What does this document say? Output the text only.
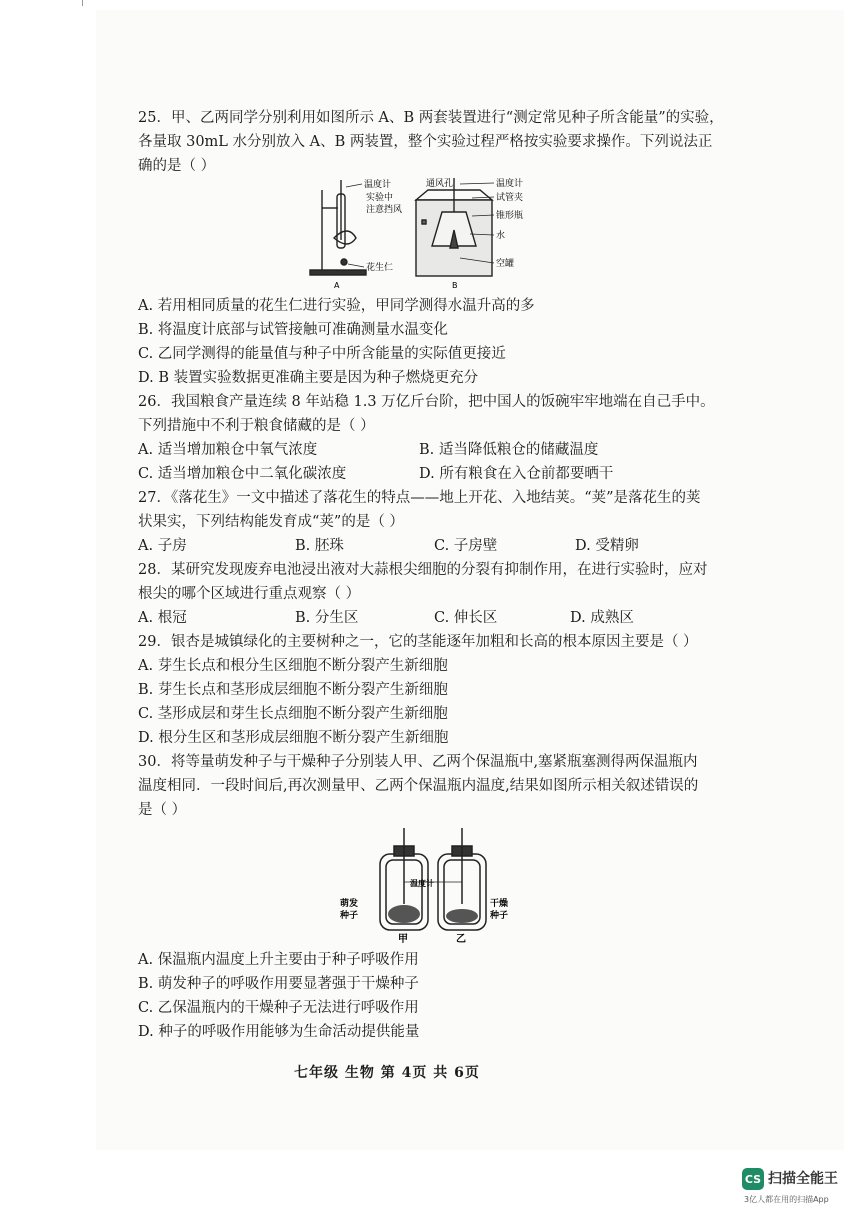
25．甲、乙两同学分别利用如图所示 A、B 两套装置进行“测定常见种子所含能量”的实验，
各量取 30mL 水分别放入 A、B 两装置，整个实验过程严格按实验要求操作。下列说法正
确的是（ ）
温度计
实验中
注意挡风
花生仁
A
通风孔	温度计
试管夹
锥形瓶
水
空罐
B
A. 若用相同质量的花生仁进行实验，甲同学测得水温升高的多
B. 将温度计底部与试管接触可准确测量水温变化
C. 乙同学测得的能量值与种子中所含能量的实际值更接近
D. B 装置实验数据更准确主要是因为种子燃烧更充分
26．我国粮食产量连续 8 年站稳 1.3 万亿斤台阶，把中国人的饭碗牢牢地端在自己手中。
下列措施中不利于粮食储藏的是（ ）
A. 适当增加粮仓中氧气浓度	B. 适当降低粮仓的储藏温度
C. 适当增加粮仓中二氧化碳浓度	D. 所有粮食在入仓前都要晒干
27．《落花生》一文中描述了落花生的特点——地上开花、入地结荚。“荚”是落花生的荚
状果实，下列结构能发育成“荚”的是（ ）
A. 子房	B. 胚珠	C. 子房壁	D. 受精卵
28．某研究发现废弃电池浸出液对大蒜根尖细胞的分裂有抑制作用，在进行实验时，应对
根尖的哪个区域进行重点观察（ ）
A. 根冠	B. 分生区	C. 伸长区	D. 成熟区
29．银杏是城镇绿化的主要树种之一，它的茎能逐年加粗和长高的根本原因主要是（ ）
A. 芽生长点和根分生区细胞不断分裂产生新细胞
B. 芽生长点和茎形成层细胞不断分裂产生新细胞
C. 茎形成层和芽生长点细胞不断分裂产生新细胞
D. 根分生区和茎形成层细胞不断分裂产生新细胞
30．将等量萌发种子与干燥种子分别装人甲、乙两个保温瓶中,塞紧瓶塞测得两保温瓶内
温度相同．一段时间后,再次测量甲、乙两个保温瓶内温度,结果如图所示相关叙述错误的
是（ ）
萌发
种子
温度计
干燥
种子
甲	乙
A. 保温瓶内温度上升主要由于种子呼吸作用
B. 萌发种子的呼吸作用要显著强于干燥种子
C. 乙保温瓶内的干燥种子无法进行呼吸作用
D. 种子的呼吸作用能够为生命活动提供能量
七年级 生物 第 4页 共 6页
CS 扫描全能王
3亿人都在用的扫描App
